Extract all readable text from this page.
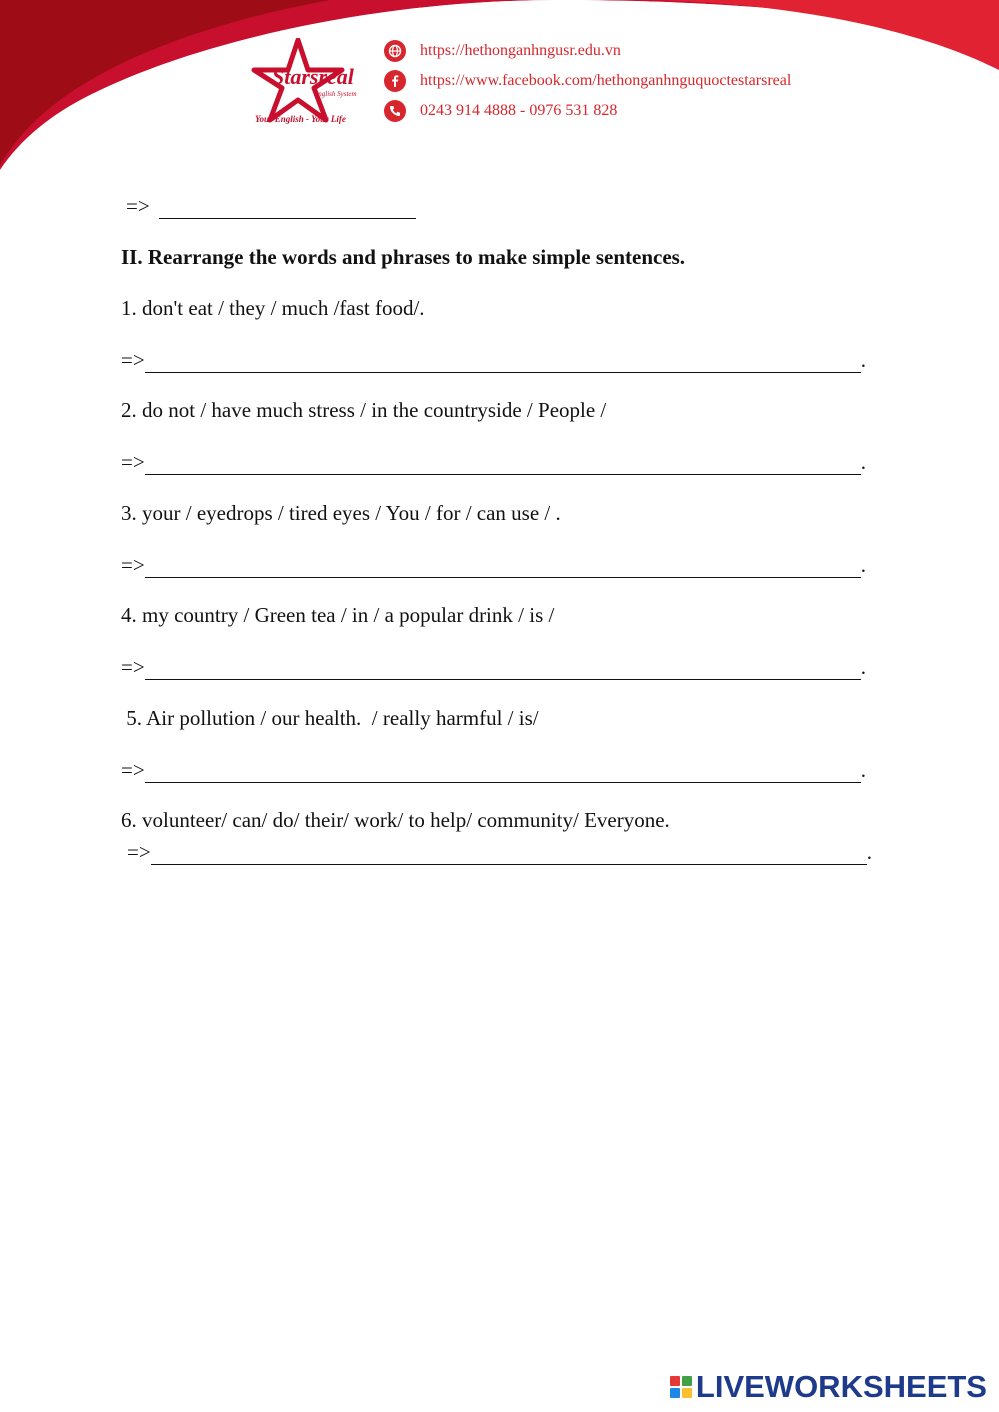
Starsreal
English System
Your English - Your Life
https://hethonganhngusr.edu.vn
https://www.facebook.com/hethonganhnguquoctestarsreal
0243 914 4888 - 0976 531 828
=>
II. Rearrange the words and phrases to make simple sentences.
1. don't eat / they / much /fast food/.
=>	.
2. do not / have much stress / in the countryside / People /
=>	.
3. your / eyedrops / tired eyes / You / for / can use / .
=>	.
4. my country / Green tea / in / a popular drink / is /
=>	.
5. Air pollution / our health.  / really harmful / is/
=>	.
6. volunteer/ can/ do/ their/ work/ to help/ community/ Everyone.
=>	.
LIVEWORKSHEETS
